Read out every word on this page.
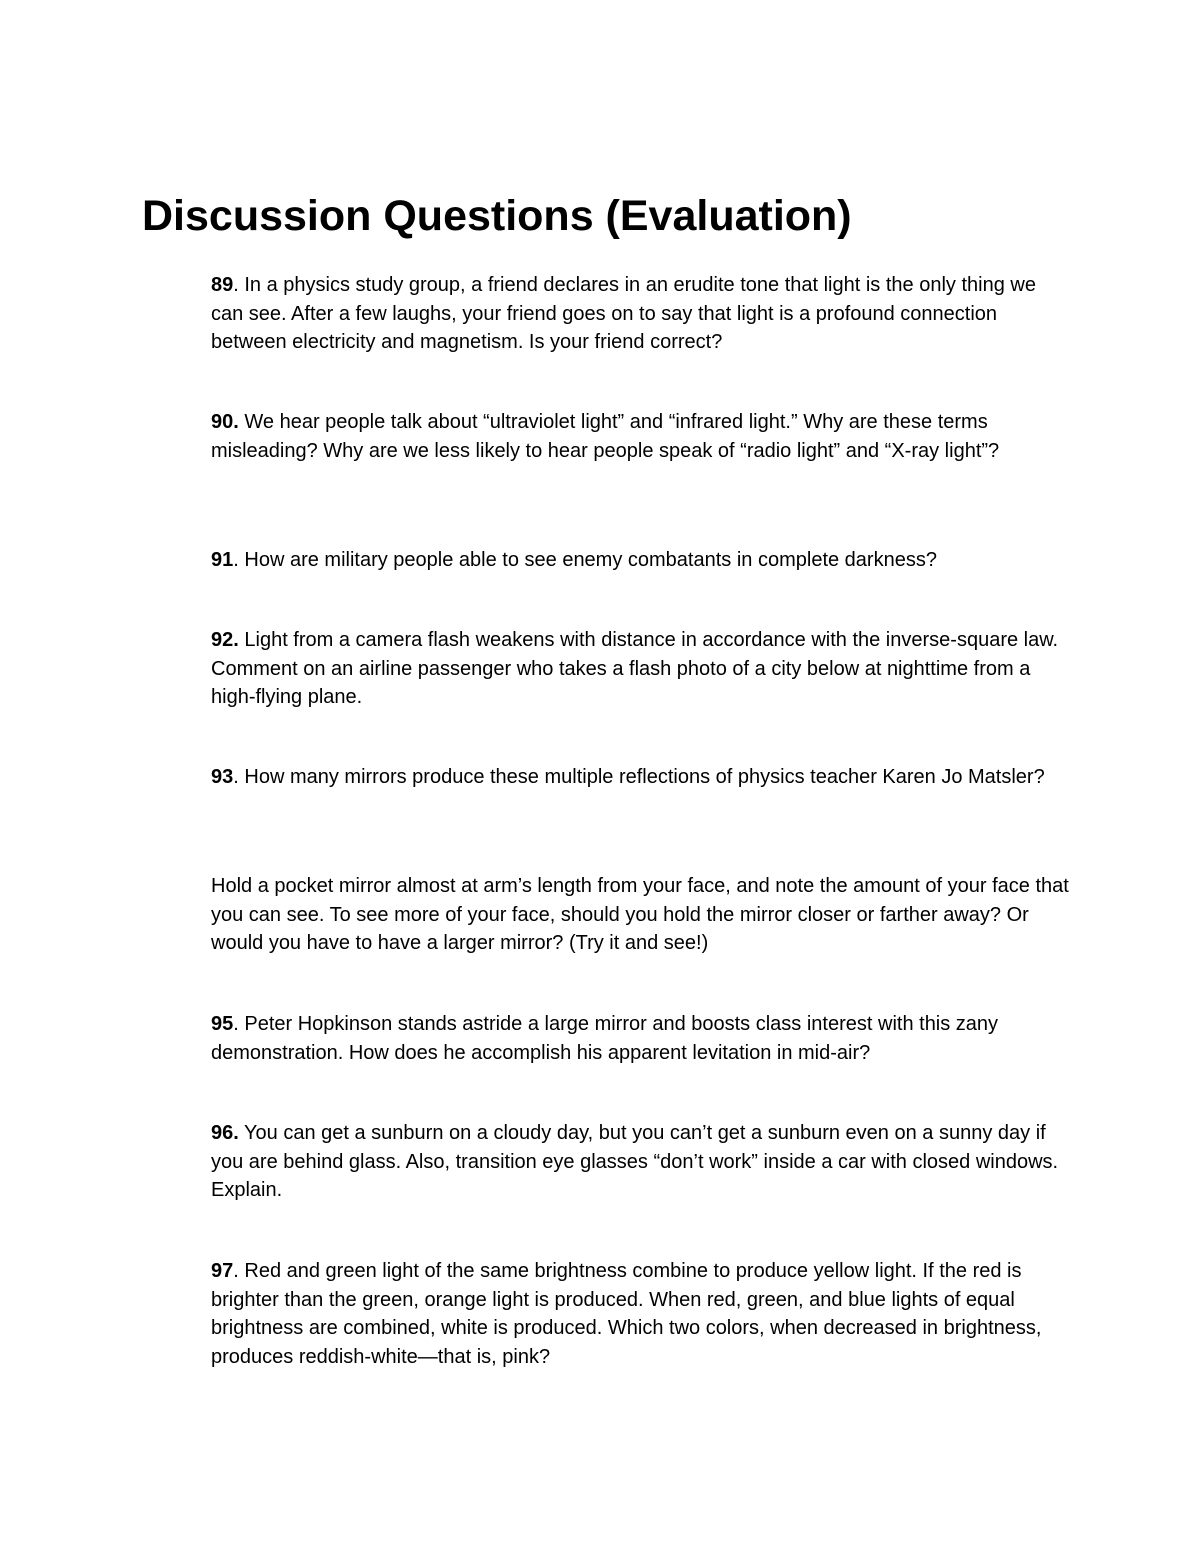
Discussion Questions (Evaluation)

89. In a physics study group, a friend declares in an erudite tone that light is the only thing we can see. After a few laughs, your friend goes on to say that light is a profound connection between electricity and magnetism. Is your friend correct?

90. We hear people talk about “ultraviolet light” and “infrared light.” Why are these terms misleading? Why are we less likely to hear people speak of “radio light” and “X-ray light”?

91. How are military people able to see enemy combatants in complete darkness?

92. Light from a camera flash weakens with distance in accordance with the inverse-square law. Comment on an airline passenger who takes a flash photo of a city below at nighttime from a high-flying plane.

93. How many mirrors produce these multiple reflections of physics teacher Karen Jo Matsler?

Hold a pocket mirror almost at arm’s length from your face, and note the amount of your face that you can see. To see more of your face, should you hold the mirror closer or farther away? Or would you have to have a larger mirror? (Try it and see!)

95. Peter Hopkinson stands astride a large mirror and boosts class interest with this zany demonstration. How does he accomplish his apparent levitation in mid-air?

96. You can get a sunburn on a cloudy day, but you can’t get a sunburn even on a sunny day if you are behind glass. Also, transition eye glasses “don’t work” inside a car with closed windows. Explain.

97. Red and green light of the same brightness combine to produce yellow light. If the red is brighter than the green, orange light is produced. When red, green, and blue lights of equal brightness are combined, white is produced. Which two colors, when decreased in brightness, produces reddish-white—that is, pink?
